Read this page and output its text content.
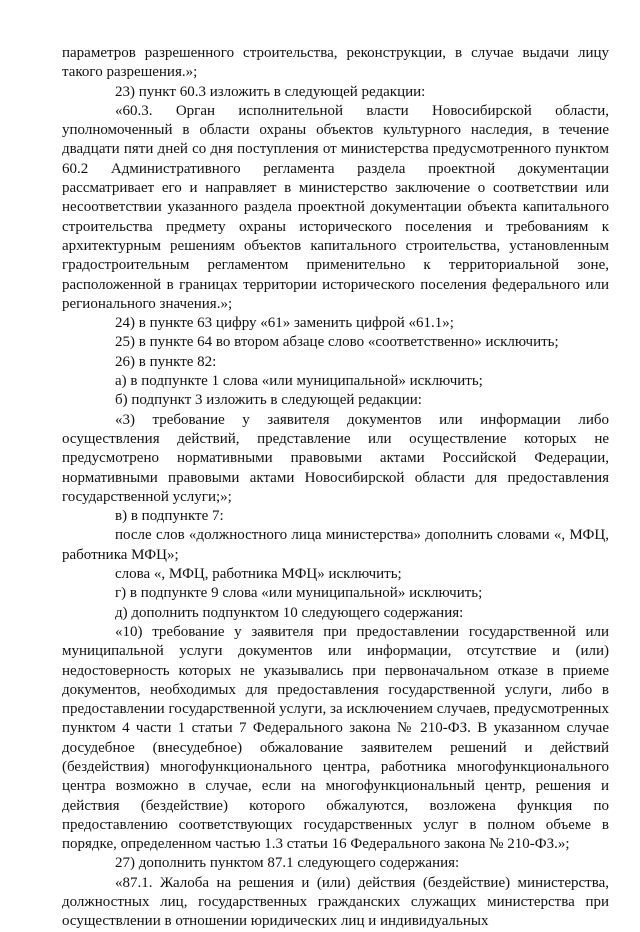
параметров разрешенного строительства, реконструкции, в случае выдачи лицу такого разрешения.»;

23) пункт 60.3 изложить в следующей редакции:

«60.3. Орган исполнительной власти Новосибирской области, уполномоченный в области охраны объектов культурного наследия, в течение двадцати пяти дней со дня поступления от министерства предусмотренного пунктом 60.2 Административного регламента раздела проектной документации рассматривает его и направляет в министерство заключение о соответствии или несоответствии указанного раздела проектной документации объекта капитального строительства предмету охраны исторического поселения и требованиям к архитектурным решениям объектов капитального строительства, установленным градостроительным регламентом применительно к территориальной зоне, расположенной в границах территории исторического поселения федерального или регионального значения.»;

24) в пункте 63 цифру «61» заменить цифрой «61.1»;

25) в пункте 64 во втором абзаце слово «соответственно» исключить;

26) в пункте 82:

а) в подпункте 1 слова «или муниципальной» исключить;

б) подпункт 3 изложить в следующей редакции:

«3) требование у заявителя документов или информации либо осуществления действий, представление или осуществление которых не предусмотрено нормативными правовыми актами Российской Федерации, нормативными правовыми актами Новосибирской области для предоставления государственной услуги;»;

в) в подпункте 7:

после слов «должностного лица министерства» дополнить словами «, МФЦ, работника МФЦ»;

слова «, МФЦ, работника МФЦ» исключить;

г) в подпункте 9 слова «или муниципальной» исключить;

д) дополнить подпунктом 10 следующего содержания:

«10) требование у заявителя при предоставлении государственной или муниципальной услуги документов или информации, отсутствие и (или) недостоверность которых не указывались при первоначальном отказе в приеме документов, необходимых для предоставления государственной услуги, либо в предоставлении государственной услуги, за исключением случаев, предусмотренных пунктом 4 части 1 статьи 7 Федерального закона № 210-ФЗ. В указанном случае досудебное (внесудебное) обжалование заявителем решений и действий (бездействия) многофункционального центра, работника многофункционального центра возможно в случае, если на многофункциональный центр, решения и действия (бездействие) которого обжалуются, возложена функция по предоставлению соответствующих государственных услуг в полном объеме в порядке, определенном частью 1.3 статьи 16 Федерального закона № 210-ФЗ.»;

27) дополнить пунктом 87.1 следующего содержания:

«87.1. Жалоба на решения и (или) действия (бездействие) министерства, должностных лиц, государственных гражданских служащих министерства при осуществлении в отношении юридических лиц и индивидуальных
